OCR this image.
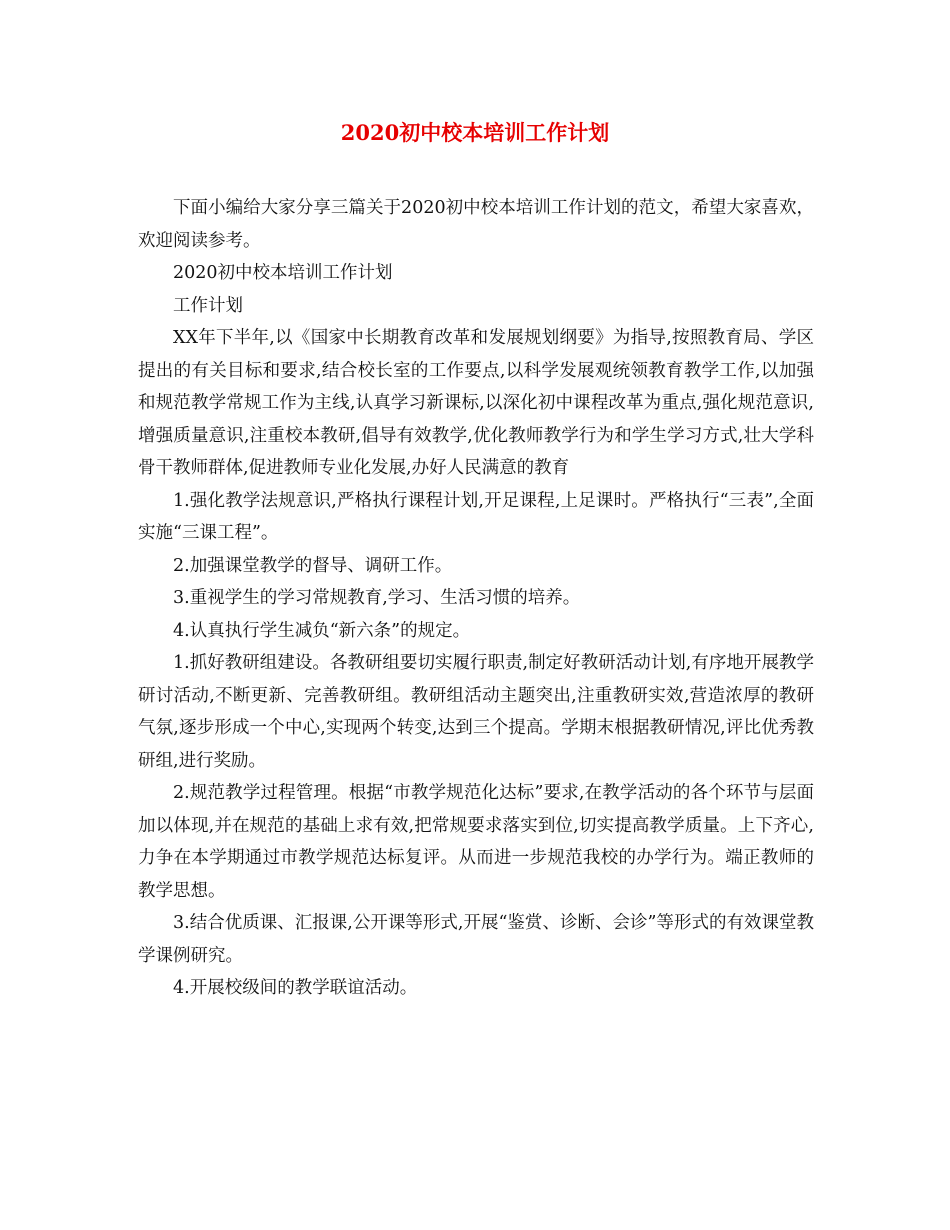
2020初中校本培训工作计划

下面小编给大家分享三篇关于2020初中校本培训工作计划的范文，希望大家喜欢，欢迎阅读参考。

2020初中校本培训工作计划

工作计划

XX年下半年,以《国家中长期教育改革和发展规划纲要》为指导,按照教育局、学区提出的有关目标和要求,结合校长室的工作要点,以科学发展观统领教育教学工作,以加强和规范教学常规工作为主线,认真学习新课标,以深化初中课程改革为重点,强化规范意识,增强质量意识,注重校本教研,倡导有效教学,优化教师教学行为和学生学习方式,壮大学科骨干教师群体,促进教师专业化发展,办好人民满意的教育

1.强化教学法规意识,严格执行课程计划,开足课程,上足课时。严格执行“三表”,全面实施“三课工程”。

2.加强课堂教学的督导、调研工作。

3.重视学生的学习常规教育,学习、生活习惯的培养。

4.认真执行学生减负“新六条”的规定。

1.抓好教研组建设。各教研组要切实履行职责,制定好教研活动计划,有序地开展教学研讨活动,不断更新、完善教研组。教研组活动主题突出,注重教研实效,营造浓厚的教研气氛,逐步形成一个中心,实现两个转变,达到三个提高。学期末根据教研情况,评比优秀教研组,进行奖励。

2.规范教学过程管理。根据“市教学规范化达标”要求,在教学活动的各个环节与层面加以体现,并在规范的基础上求有效,把常规要求落实到位,切实提高教学质量。上下齐心,力争在本学期通过市教学规范达标复评。从而进一步规范我校的办学行为。端正教师的教学思想。

3.结合优质课、汇报课,公开课等形式,开展“鉴赏、诊断、会诊”等形式的有效课堂教学课例研究。

4.开展校级间的教学联谊活动。
